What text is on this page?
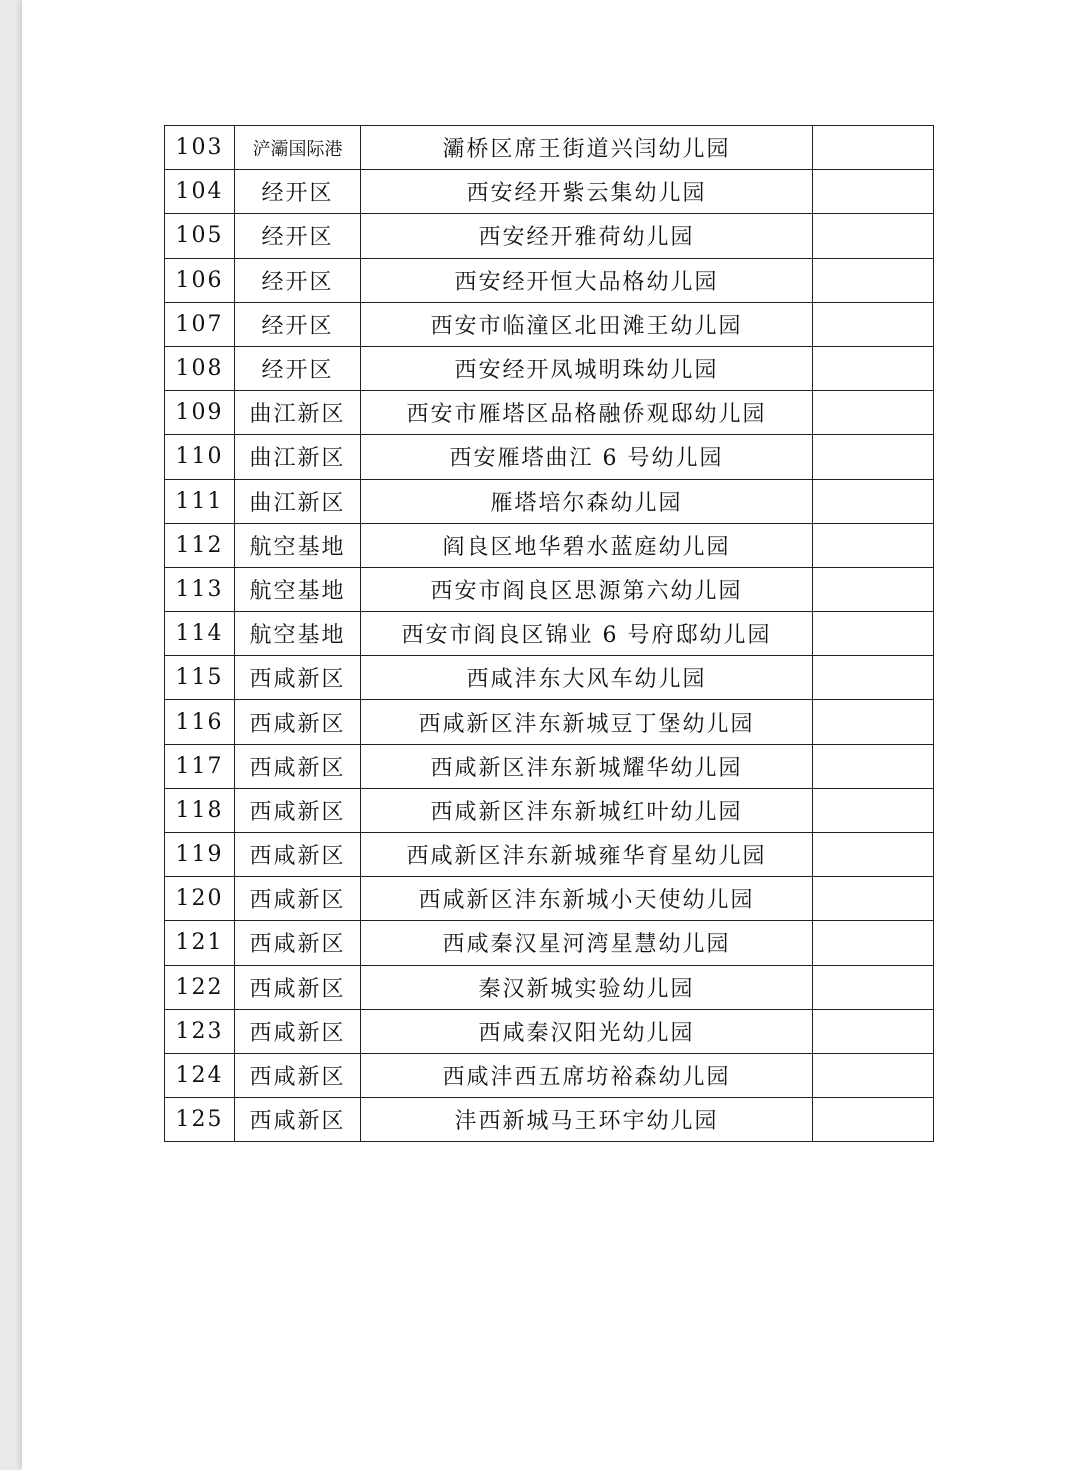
103	浐灞国际港	灞桥区席王街道兴闫幼儿园	
104	经开区	西安经开紫云集幼儿园	
105	经开区	西安经开雅荷幼儿园	
106	经开区	西安经开恒大品格幼儿园	
107	经开区	西安市临潼区北田滩王幼儿园	
108	经开区	西安经开凤城明珠幼儿园	
109	曲江新区	西安市雁塔区品格融侨观邸幼儿园	
110	曲江新区	西安雁塔曲江 6 号幼儿园	
111	曲江新区	雁塔培尔森幼儿园	
112	航空基地	阎良区地华碧水蓝庭幼儿园	
113	航空基地	西安市阎良区思源第六幼儿园	
114	航空基地	西安市阎良区锦业 6 号府邸幼儿园	
115	西咸新区	西咸沣东大风车幼儿园	
116	西咸新区	西咸新区沣东新城豆丁堡幼儿园	
117	西咸新区	西咸新区沣东新城耀华幼儿园	
118	西咸新区	西咸新区沣东新城红叶幼儿园	
119	西咸新区	西咸新区沣东新城雍华育星幼儿园	
120	西咸新区	西咸新区沣东新城小天使幼儿园	
121	西咸新区	西咸秦汉星河湾星慧幼儿园	
122	西咸新区	秦汉新城实验幼儿园	
123	西咸新区	西咸秦汉阳光幼儿园	
124	西咸新区	西咸沣西五席坊裕森幼儿园	
125	西咸新区	沣西新城马王环宇幼儿园	
